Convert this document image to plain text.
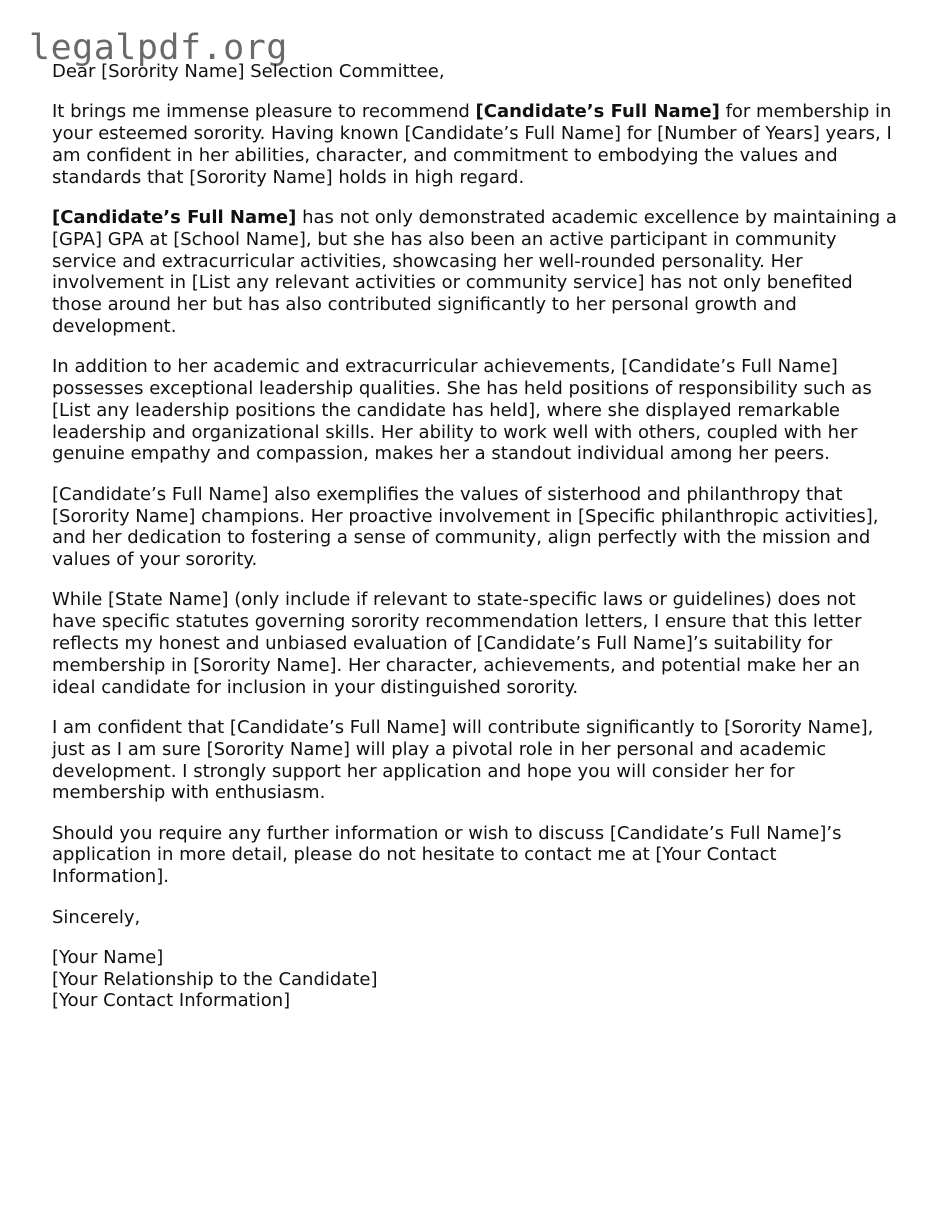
legalpdf.org

Dear [Sorority Name] Selection Committee,

It brings me immense pleasure to recommend [Candidate’s Full Name] for membership in your esteemed sorority. Having known [Candidate’s Full Name] for [Number of Years] years, I am confident in her abilities, character, and commitment to embodying the values and standards that [Sorority Name] holds in high regard.

[Candidate’s Full Name] has not only demonstrated academic excellence by maintaining a [GPA] GPA at [School Name], but she has also been an active participant in community service and extracurricular activities, showcasing her well-rounded personality. Her involvement in [List any relevant activities or community service] has not only benefited those around her but has also contributed significantly to her personal growth and development.

In addition to her academic and extracurricular achievements, [Candidate’s Full Name] possesses exceptional leadership qualities. She has held positions of responsibility such as [List any leadership positions the candidate has held], where she displayed remarkable leadership and organizational skills. Her ability to work well with others, coupled with her genuine empathy and compassion, makes her a standout individual among her peers.

[Candidate’s Full Name] also exemplifies the values of sisterhood and philanthropy that [Sorority Name] champions. Her proactive involvement in [Specific philanthropic activities], and her dedication to fostering a sense of community, align perfectly with the mission and values of your sorority.

While [State Name] (only include if relevant to state-specific laws or guidelines) does not have specific statutes governing sorority recommendation letters, I ensure that this letter reflects my honest and unbiased evaluation of [Candidate’s Full Name]’s suitability for membership in [Sorority Name]. Her character, achievements, and potential make her an ideal candidate for inclusion in your distinguished sorority.

I am confident that [Candidate’s Full Name] will contribute significantly to [Sorority Name], just as I am sure [Sorority Name] will play a pivotal role in her personal and academic development. I strongly support her application and hope you will consider her for membership with enthusiasm.

Should you require any further information or wish to discuss [Candidate’s Full Name]’s application in more detail, please do not hesitate to contact me at [Your Contact Information].

Sincerely,

[Your Name]
[Your Relationship to the Candidate]
[Your Contact Information]
